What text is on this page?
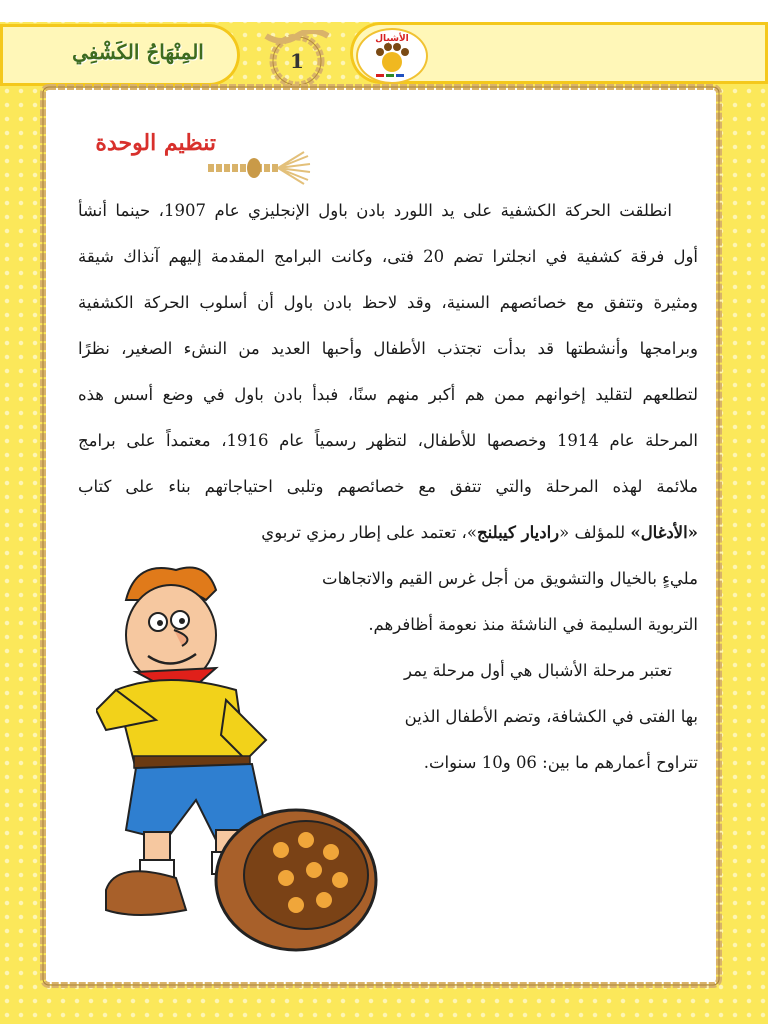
المِنْهَاجُ الكَشْفِي
الأشبال
1
تنظيم الوحدة
انطلقت الحركة الكشفية على يد اللورد بادن باول الإنجليزي عام 1907، حينما أنشأ
أول فرقة كشفية في انجلترا تضم 20 فتى، وكانت البرامج المقدمة إليهم آنذاك شيقة
ومثيرة وتتفق مع خصائصهم السنية، وقد لاحظ بادن باول أن أسلوب الحركة الكشفية
وبرامجها وأنشطتها قد بدأت تجتذب الأطفال وأحبها العديد من النشء الصغير، نظرًا
لتطلعهم لتقليد إخوانهم ممن هم أكبر منهم سنًا، فبدأ بادن باول في وضع أسس هذه
المرحلة عام 1914 وخصصها للأطفال، لتظهر رسمياً عام 1916، معتمداً على برامج
ملائمة لهذه المرحلة والتي تتفق مع خصائصهم وتلبى احتياجاتهم بناء على كتاب
«الأدغال» للمؤلف «راديار كيبلنج»، تعتمد على إطار رمزي تربوي
مليءٍ بالخيال والتشويق من أجل غرس القيم والاتجاهات
التربوية السليمة في الناشئة منذ نعومة أظافرهم.
تعتبر مرحلة الأشبال هي أول مرحلة يمر
بها الفتى في الكشافة، وتضم الأطفال الذين
تتراوح أعمارهم ما بين: 06 و10 سنوات.
